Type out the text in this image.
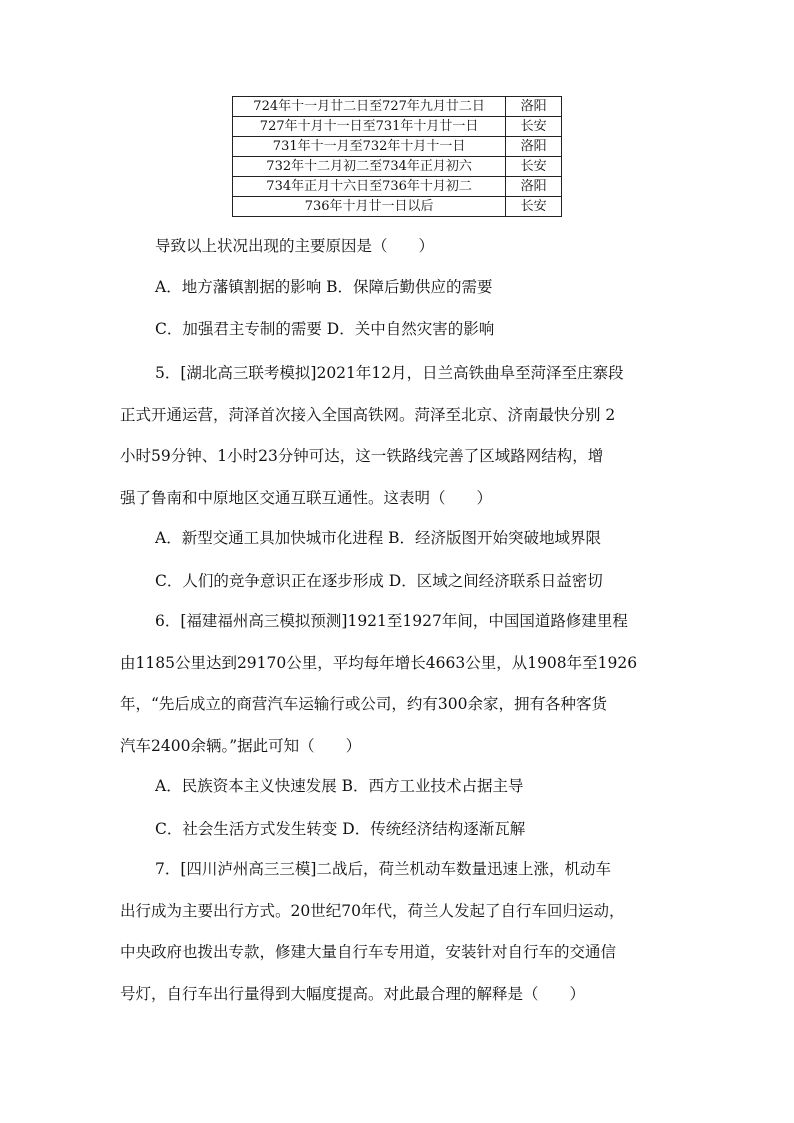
724年十一月廿二日至727年九月廿二日	洛阳
727年十月十一日至731年十月廿一日	长安
731年十一月至732年十月十一日	洛阳
732年十二月初二至734年正月初六	长安
734年正月十六日至736年十月初二	洛阳
736年十月廿一日以后	长安
导致以上状况出现的主要原因是（　　）
A．地方藩镇割据的影响 B．保障后勤供应的需要
C．加强君主专制的需要 D．关中自然灾害的影响
5．[湖北高三联考模拟]2021年12月，日兰高铁曲阜至菏泽至庄寨段
正式开通运营，菏泽首次接入全国高铁网。菏泽至北京、济南最快分别 2
小时59分钟、1小时23分钟可达，这一铁路线完善了区域路网结构，增
强了鲁南和中原地区交通互联互通性。这表明（　　）
A．新型交通工具加快城市化进程 B．经济版图开始突破地域界限
C．人们的竞争意识正在逐步形成 D．区域之间经济联系日益密切
6．[福建福州高三模拟预测]1921至1927年间，中国国道路修建里程
由1185公里达到29170公里，平均每年增长4663公里，从1908年至1926
年，“先后成立的商营汽车运输行或公司，约有300余家，拥有各种客货
汽车2400余辆。”据此可知（　　）
A．民族资本主义快速发展 B．西方工业技术占据主导
C．社会生活方式发生转变 D．传统经济结构逐渐瓦解
7．[四川泸州高三三模]二战后，荷兰机动车数量迅速上涨，机动车
出行成为主要出行方式。20世纪70年代，荷兰人发起了自行车回归运动，
中央政府也拨出专款，修建大量自行车专用道，安装针对自行车的交通信
号灯，自行车出行量得到大幅度提高。对此最合理的解释是（　　）
